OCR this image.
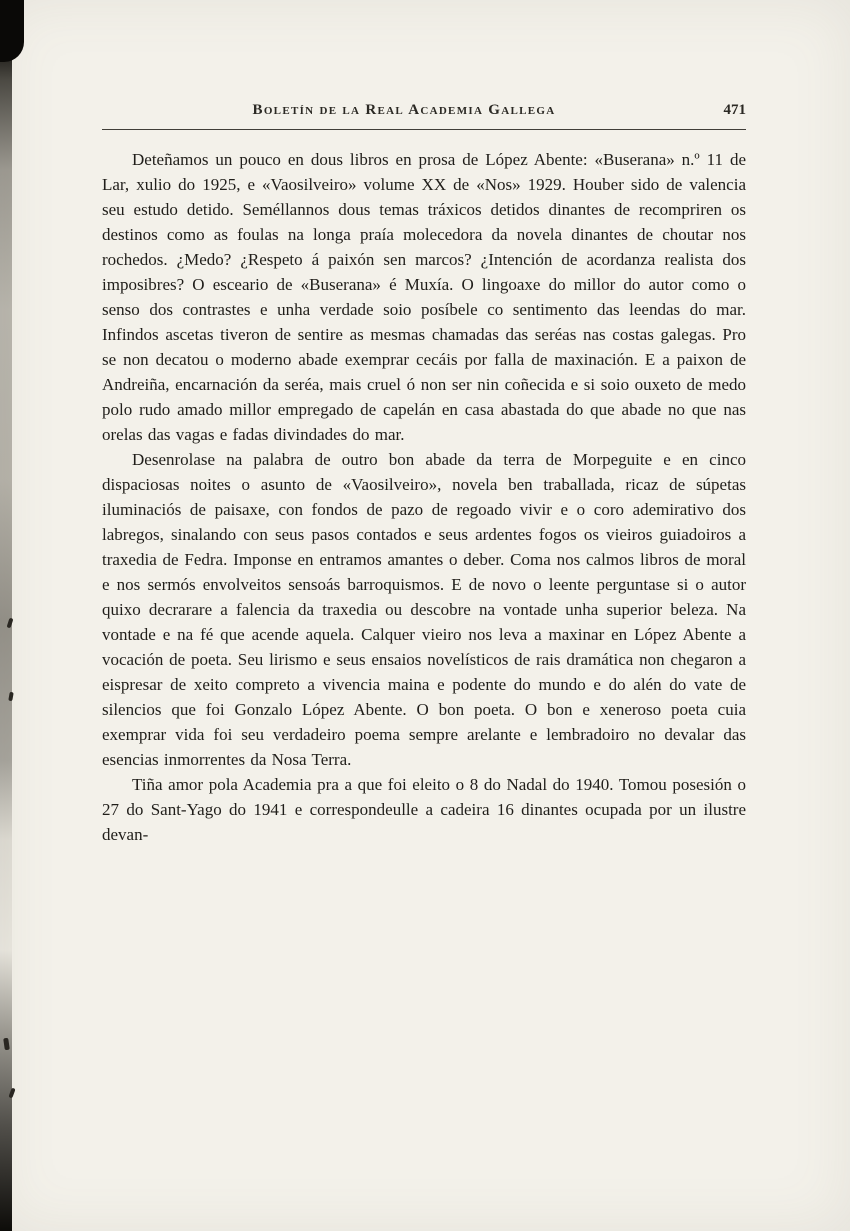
Boletín de la Real Academia Gallega	471

Deteñamos un pouco en dous libros en prosa de López Abente: «Buserana» n.º 11 de Lar, xulio do 1925, e «Vaosilveiro» volume XX de «Nos» 1929. Houber sido de valencia seu estudo detido. Seméllannos dous temas tráxicos detidos dinantes de recompriren os destinos como as foulas na longa praía molecedora da novela dinantes de choutar nos rochedos. ¿Medo? ¿Respeto á paixón sen marcos? ¿Intención de acordanza realista dos imposibres? O esceario de «Buserana» é Muxía. O lingoaxe do millor do autor como o senso dos contrastes e unha verdade soio posíbele co sentimento das leendas do mar. Infindos ascetas tiveron de sentire as mesmas chamadas das seréas nas costas galegas. Pro se non decatou o moderno abade exemprar cecáis por falla de maxinación. E a paixon de Andreiña, encarnación da seréa, mais cruel ó non ser nin coñecida e si soio ouxeto de medo polo rudo amado millor empregado de capelán en casa abastada do que abade no que nas orelas das vagas e fadas divindades do mar.

Desenrolase na palabra de outro bon abade da terra de Morpeguite e en cinco dispaciosas noites o asunto de «Vaosilveiro», novela ben traballada, ricaz de súpetas iluminaciós de paisaxe, con fondos de pazo de regoado vivir e o coro ademirativo dos labregos, sinalando con seus pasos contados e seus ardentes fogos os vieiros guiadoiros a traxedia de Fedra. Imponse en entramos amantes o deber. Coma nos calmos libros de moral e nos sermós envolveitos sensoás barroquismos. E de novo o leente perguntase si o autor quixo decrarare a falencia da traxedia ou descobre na vontade unha superior beleza. Na vontade e na fé que acende aquela. Calquer vieiro nos leva a maxinar en López Abente a vocación de poeta. Seu lirismo e seus ensaios novelísticos de rais dramática non chegaron a eispresar de xeito compreto a vivencia maina e podente do mundo e do alén do vate de silencios que foi Gonzalo López Abente. O bon poeta. O bon e xeneroso poeta cuia exemprar vida foi seu verdadeiro poema sempre arelante e lembradoiro no devalar das esencias inmorrentes da Nosa Terra.

Tiña amor pola Academia pra a que foi eleito o 8 do Nadal do 1940. Tomou posesión o 27 do Sant-Yago do 1941 e correspondeulle a cadeira 16 dinantes ocupada por un ilustre devan-
